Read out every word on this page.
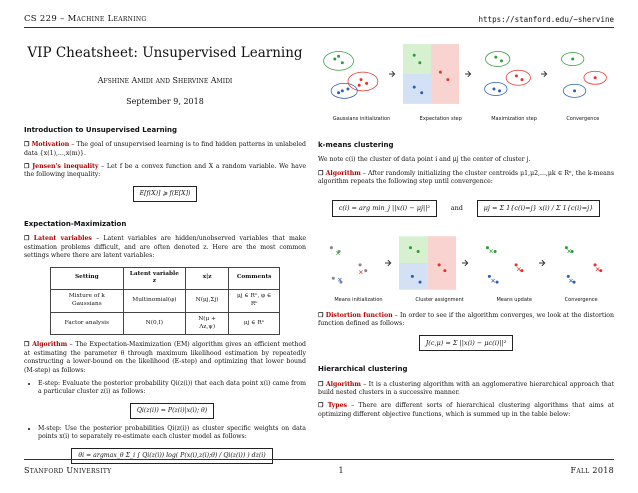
CS 229 – Machine Learning	https://stanford.edu/~shervine
VIP Cheatsheet: Unsupervised Learning
Afshine Amidi and Shervine Amidi
September 9, 2018
Introduction to Unsupervised Learning

❐ Motivation – The goal of unsupervised learning is to find hidden patterns in unlabeled data {x(1),...,x(m)}.

❐ Jensen's inequality – Let f be a convex function and X a random variable. We have the following inequality:

E[f(X)] ⩾ f(E[X])
Expectation-Maximization

❐ Latent variables – Latent variables are hidden/unobserved variables that make estimation problems difficult, and are often denoted z. Here are the most common settings where there are latent variables:

Setting	Latent variable z	x|z	Comments
Mixture of k Gaussians	Multinomial(φ)	N(μj,Σj)	μj ∈ Rⁿ, φ ∈ Rᵏ
Factor analysis	N(0,I)	N(μ + Λz,ψ)	μj ∈ Rⁿ

❐ Algorithm – The Expectation-Maximization (EM) algorithm gives an efficient method at estimating the parameter θ through maximum likelihood estimation by repeatedly constructing a lower-bound on the likelihood (E-step) and optimizing that lower bound (M-step) as follows:

• E-step: Evaluate the posterior probability Qi(z(i)) that each data point x(i) came from a particular cluster z(i) as follows:
Qi(z(i)) = P(z(i)|x(i); θ)
• M-step: Use the posterior probabilities Qi(z(i)) as cluster specific weights on data points x(i) to separately re-estimate each cluster model as follows:
θi = argmax_θ Σ_i ∫ Qi(z(i)) log( P(x(i),z(i);θ) / Qi(z(i)) ) dz(i)
Gaussians initialization	Expectation step	Maximization step	Convergence
k-means clustering

We note c(i) the cluster of data point i and μj the center of cluster j.

❐ Algorithm – After randomly initializing the cluster centroids μ1,μ2,...,μk ∈ Rⁿ, the k-means algorithm repeats the following step until convergence:

c(i) = arg min_j ||x(i) − μj||²	and	μj = Σ 1{c(i)=j} x(i) / Σ 1{c(i)=j}
✕
✕
✕
✕
✕
✕
✕
✕
✕
Means initialization	Cluster assignment	Means update	Convergence

❐ Distortion function – In order to see if the algorithm converges, we look at the distortion function defined as follows:

J(c,μ) = Σ ||x(i) − μc(i)||²
Hierarchical clustering

❐ Algorithm – It is a clustering algorithm with an agglomerative hierarchical approach that build nested clusters in a successive manner.

❐ Types – There are different sorts of hierarchical clustering algorithms that aims at optimizing different objective functions, which is summed up in the table below:

Stanford University	1	Fall 2018
